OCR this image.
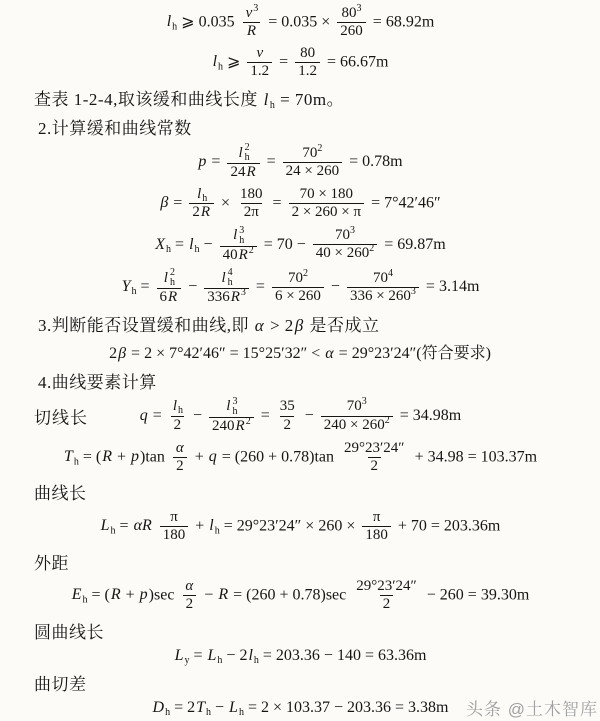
$l_h$ ⩾ $0.035 \frac{v^3}{R} = 0.035 \times \frac{80^3}{260} = 68.92m$
$l_h$ ⩾ $\frac{v}{1.2} = \frac{80}{1.2} = 66.67m$
查表 1-2-4,取该缓和曲线长度 $l_h = 70m$。
2.计算缓和曲线常数
p = l 2
h
$24R = \frac{70^2}{24 \times 260} = 0.78m$
$\beta = \frac{l_h}{2R} \times \frac{180}{2\pi} = \frac{70 \times 180}{2 \times 260 \times \pi} = 7^\circ 42'46''$
$X_h = l_h - l$ 3
h
$40R^2 = 70 - \frac{70^3}{40 \times 260^2} = 69.87m$
$Y_h = l$ 2
h
6R − l 4
h
$336R^3 = \frac{70^2}{6 \times 260} - \frac{70^4}{336 \times 260^3} = 3.14m$
3.判断能否设置缓和曲线,即 α > 2β 是否成立
2β = 2 × 7°42′46″ = 15°25′32″ < α = 29°23′24″(符合要求)
4.曲线要素计算
切线长	$q = \frac{l_h}{2} - l$ 3
h
$240R^2 = \frac{35}{2} - \frac{70^3}{240 \times 260^2} = 34.98m$
$T_h = (R + p)\tan \frac{\alpha}{2} + q = (260 + 0.78)\tan \frac{29^\circ 23'24''}{2} + 34.98 = 103.37m$
曲线长
$L_h = \alpha R \frac{\pi}{180} + l_h = 29^\circ 23'24'' \times 260 \times \frac{\pi}{180} + 70 = 203.36m$
外距
$E_h = (R + p)\sec \frac{\alpha}{2} - R = (260 + 0.78)\sec \frac{29^\circ 23'24''}{2} - 260 = 39.30m$
圆曲线长
$L_y = L_h - 2l_h = 203.36 - 140 = 63.36m$
曲切差
$D_h = 2T_h - L_h = 2 \times 103.37 - 203.36 = 3.38m$ 头条 @土木智库
